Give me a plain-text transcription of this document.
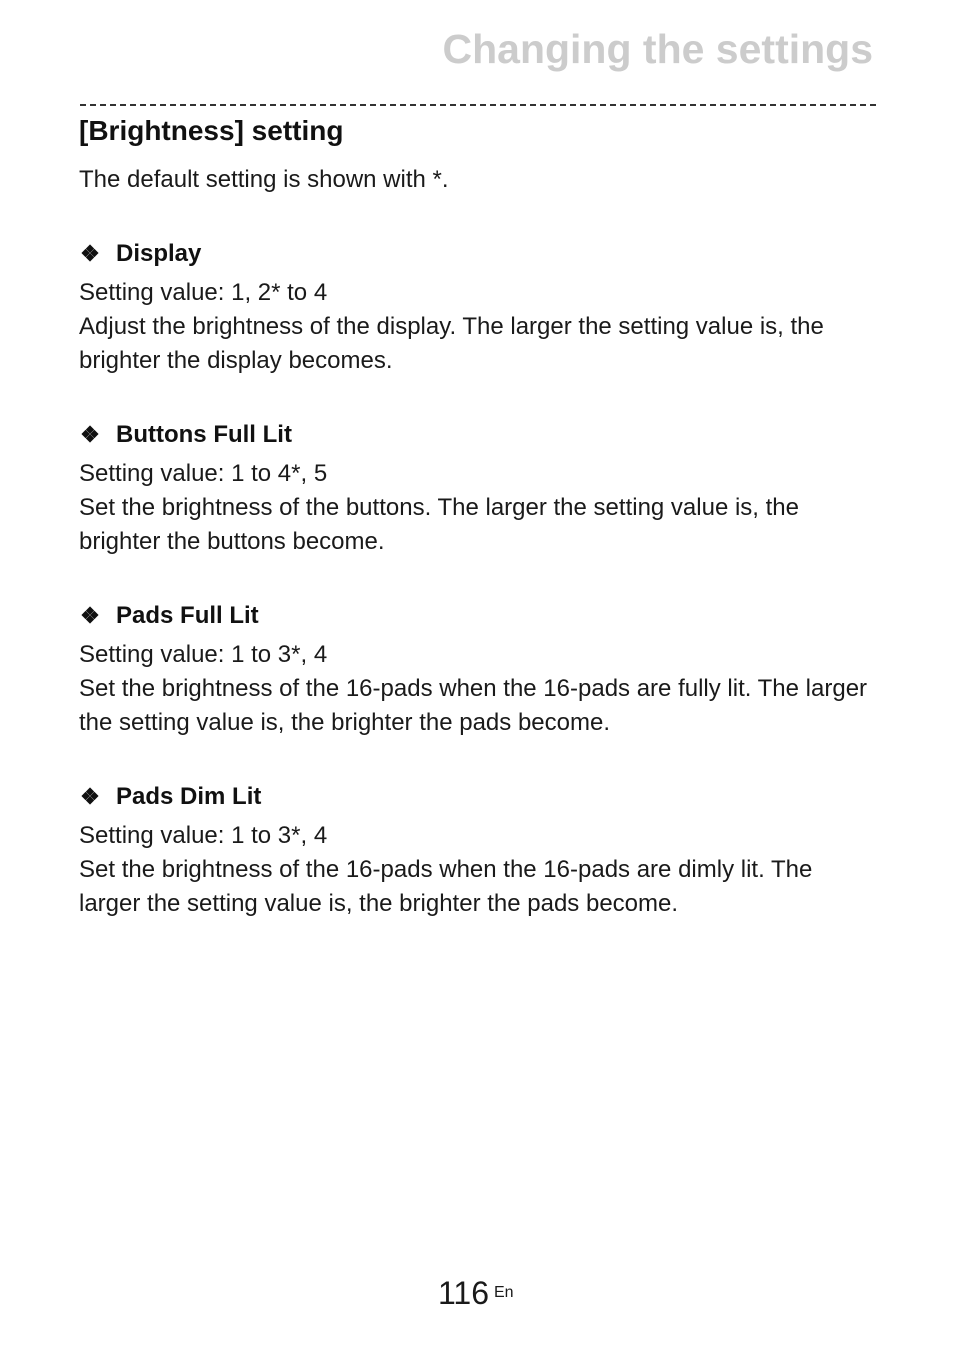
Changing the settings
[Brightness] setting

The default setting is shown with *.

❖ Display

Setting value: 1, 2* to 4

Adjust the brightness of the display. The larger the setting value is, the brighter the display becomes.

❖ Buttons Full Lit

Setting value: 1 to 4*, 5

Set the brightness of the buttons. The larger the setting value is, the brighter the buttons become.

❖ Pads Full Lit

Setting value: 1 to 3*, 4

Set the brightness of the 16-pads when the 16-pads are fully lit. The larger the setting value is, the brighter the pads become.

❖ Pads Dim Lit

Setting value: 1 to 3*, 4

Set the brightness of the 16-pads when the 16-pads are dimly lit. The larger the setting value is, the brighter the pads become.

116 En
